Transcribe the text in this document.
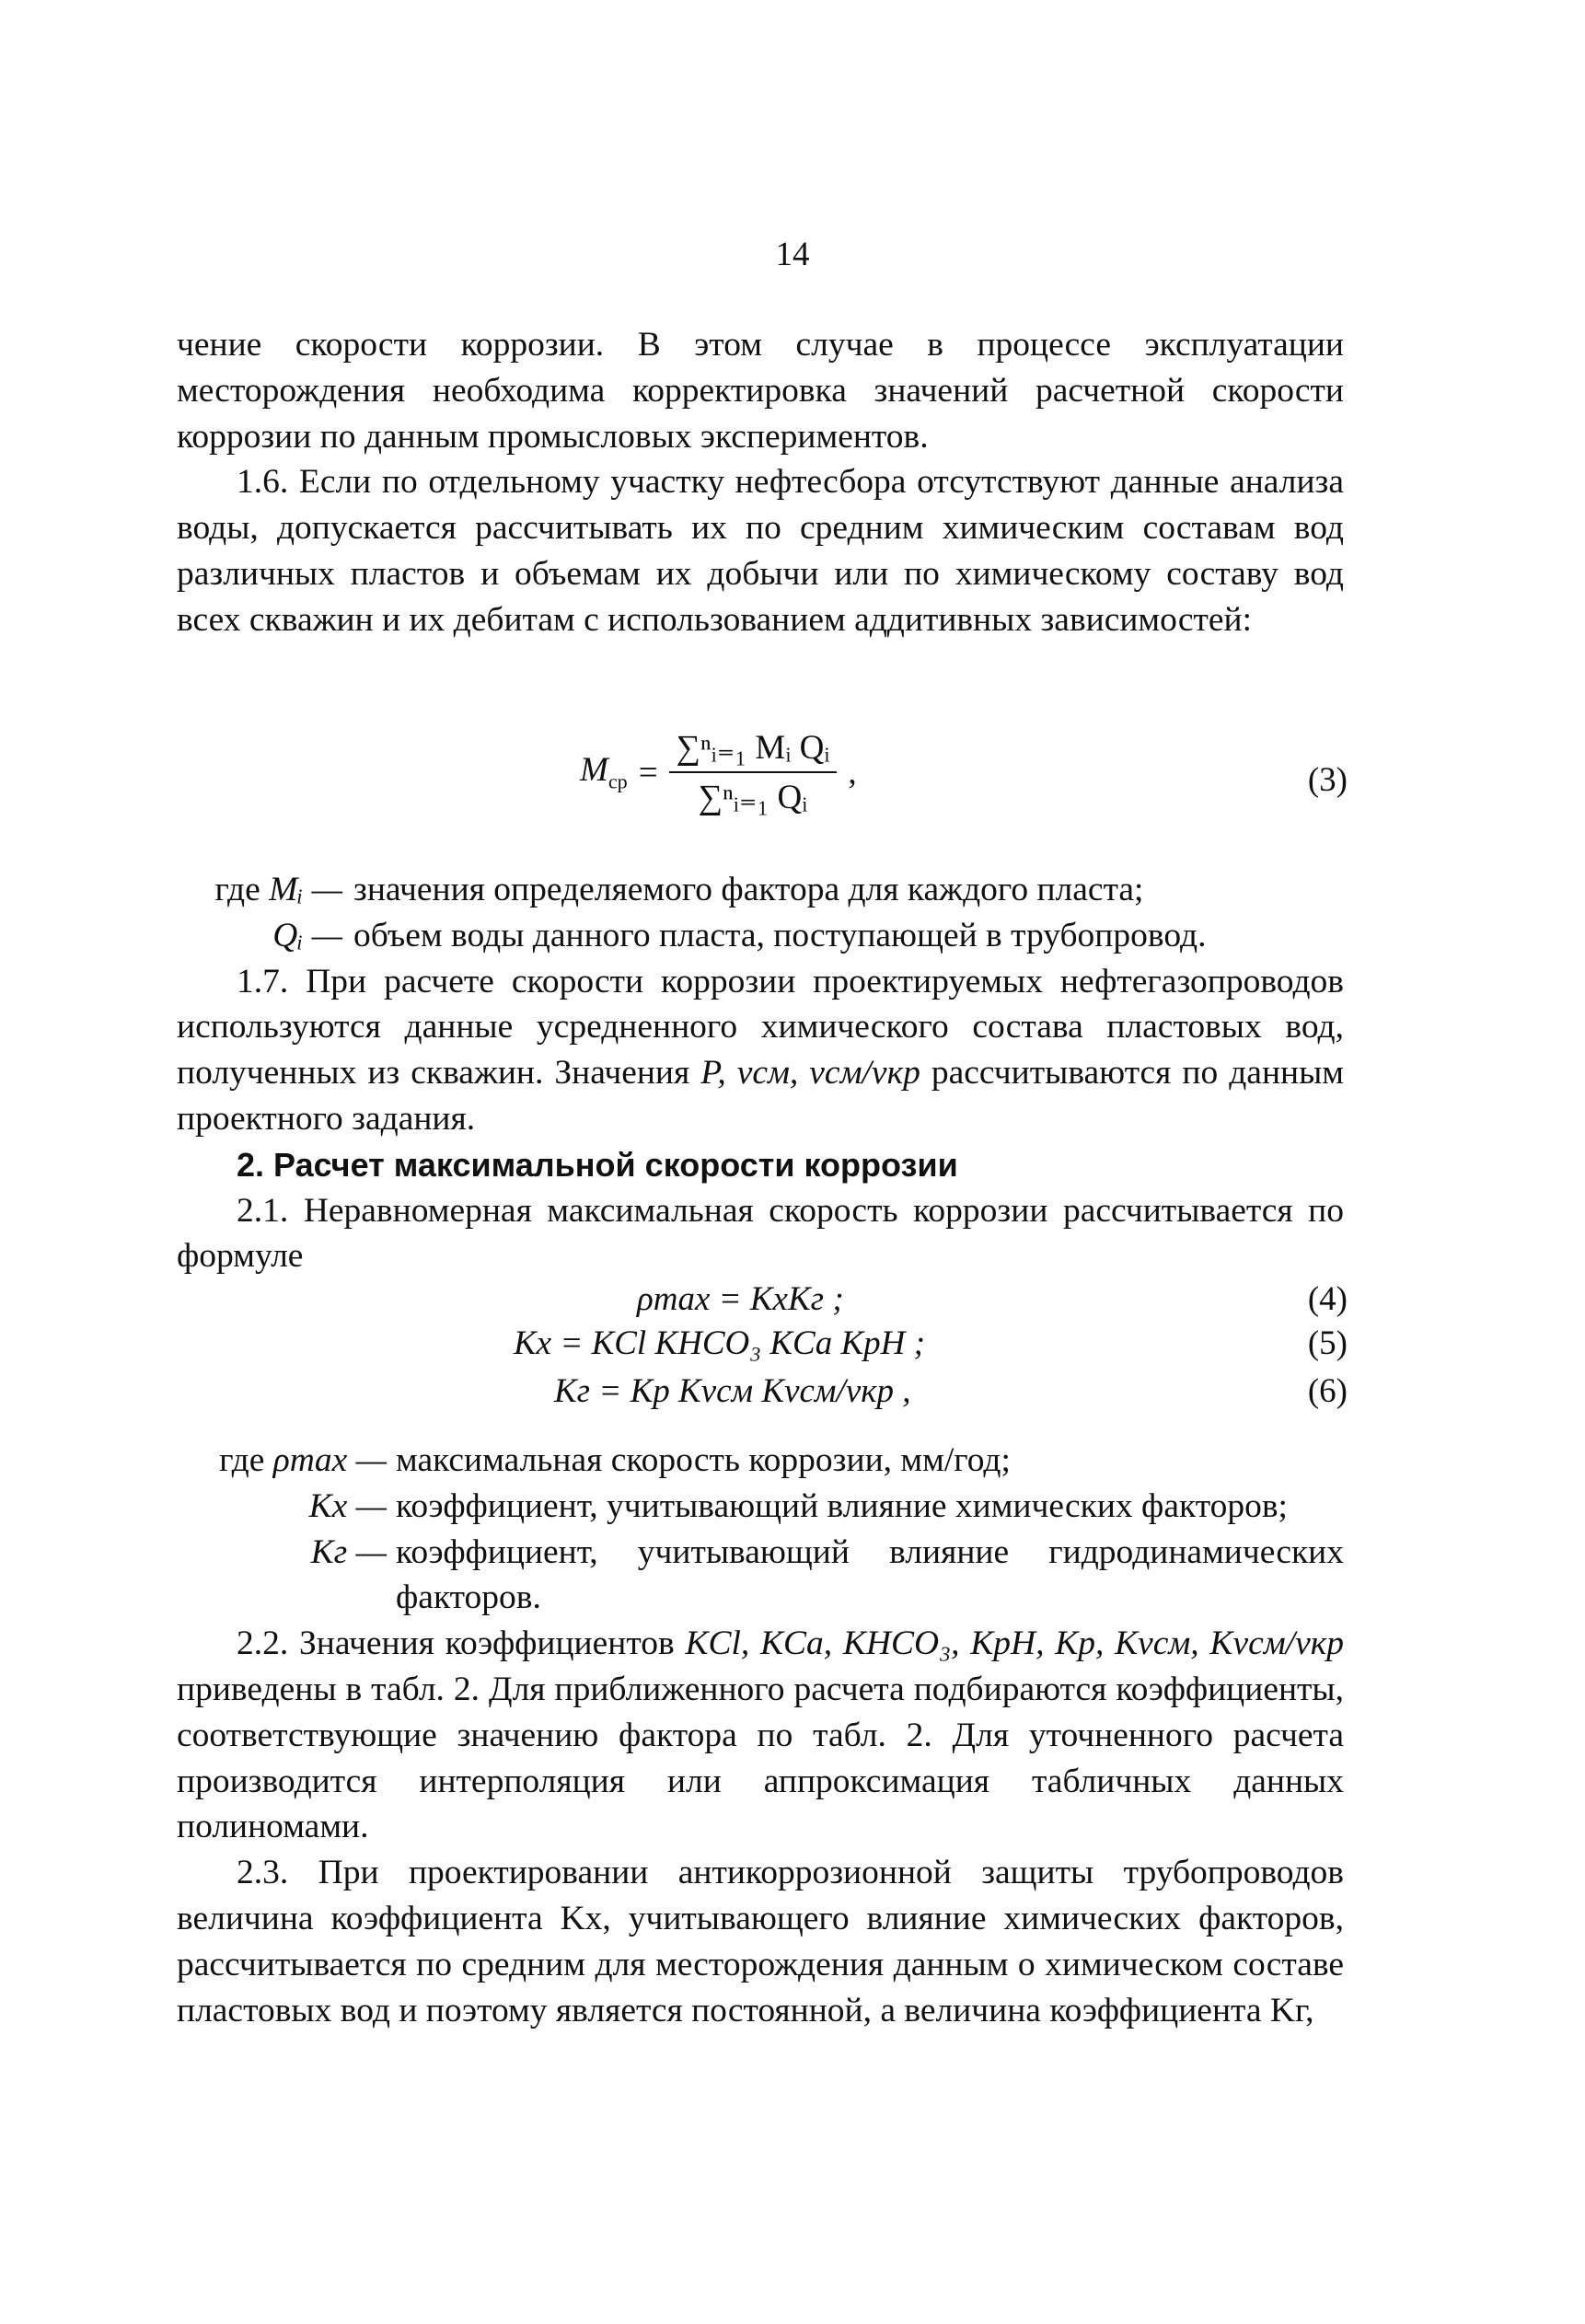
14

чение скорости коррозии. В этом случае в процессе эксплуатации месторождения необходима корректировка значений расчетной скорости коррозии по данным промысловых экспериментов.

1.6. Если по отдельному участку нефтесбора отсутствуют данные анализа воды, допускается рассчитывать их по средним химическим составам вод различных пластов и объемам их добычи или по химическому составу вод всех скважин и их дебитам с использованием аддитивных зависимостей:

$M_{ср} = \frac{\text{∑ⁿᵢ₌₁ Mᵢ Qᵢ}}{\text{∑ⁿᵢ₌₁ Qᵢ}}$ ,	(3)
где Mᵢ — значения определяемого фактора для каждого пласта;
Qᵢ — объем воды данного пласта, поступающей в трубопровод.

1.7. При расчете скорости коррозии проектируемых нефтегазопроводов используются данные усредненного химического состава пластовых вод, полученных из скважин. Значения P, vсм, vсм/vкр рассчитываются по данным проектного задания.

2. Расчет максимальной скорости коррозии

2.1. Неравномерная максимальная скорость коррозии рассчитывается по формуле

ρmax = KхKг ;	(4)
Kх = KCl KHCO₃ KCa KpH ;	(5)
Kг = Kр Kvсм Kvсм/vкр ,	(6)
где ρmax — максимальная скорость коррозии, мм/год;
Kх — коэффициент, учитывающий влияние химических факторов;
Kг — коэффициент, учитывающий влияние гидродинамических факторов.

2.2. Значения коэффициентов KCl, KCa, KHCO₃, KpH, Kр, Kvсм, Kvсм/vкр приведены в табл. 2. Для приближенного расчета подбираются коэффициенты, соответствующие значению фактора по табл. 2. Для уточненного расчета производится интерполяция или аппроксимация табличных данных полиномами.

2.3. При проектировании антикоррозионной защиты трубопроводов величина коэффициента Kх, учитывающего влияние химических факторов, рассчитывается по средним для месторождения данным о химическом составе пластовых вод и поэтому является постоянной, а величина коэффициента Kг,
